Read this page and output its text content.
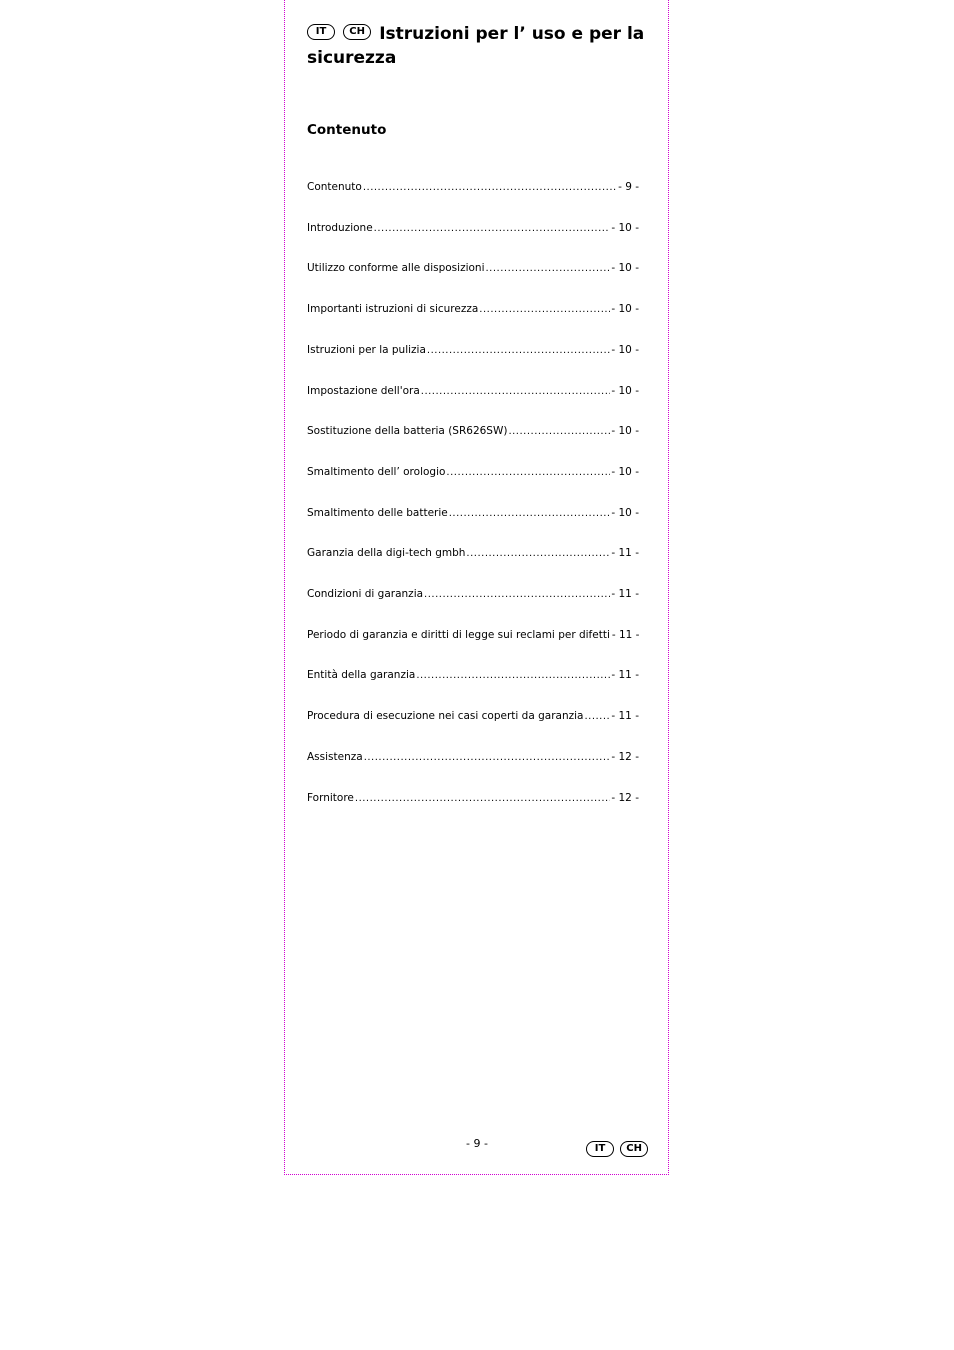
IT CH Istruzioni per l’ uso e per la sicurezza
Contenuto
Contenuto .....	- 9 -
Introduzione .....	- 10 -
Utilizzo conforme alle disposizioni .....	- 10 -
Importanti istruzioni di sicurezza .....	- 10 -
Istruzioni per la pulizia .....	- 10 -
Impostazione dell'ora .....	- 10 -
Sostituzione della batteria (SR626SW) .....	- 10 -
Smaltimento dell’ orologio .....	- 10 -
Smaltimento delle batterie .....	- 10 -
Garanzia della digi-tech gmbh .....	- 11 -
Condizioni di garanzia .....	- 11 -
Periodo di garanzia e diritti di legge sui reclami per difetti - 11 -
Entità della garanzia .....	- 11 -
Procedura di esecuzione nei casi coperti da garanzia .....	- 11 -
Assistenza .....	- 12 -
Fornitore .....	- 12 -
- 9 -	IT CH
